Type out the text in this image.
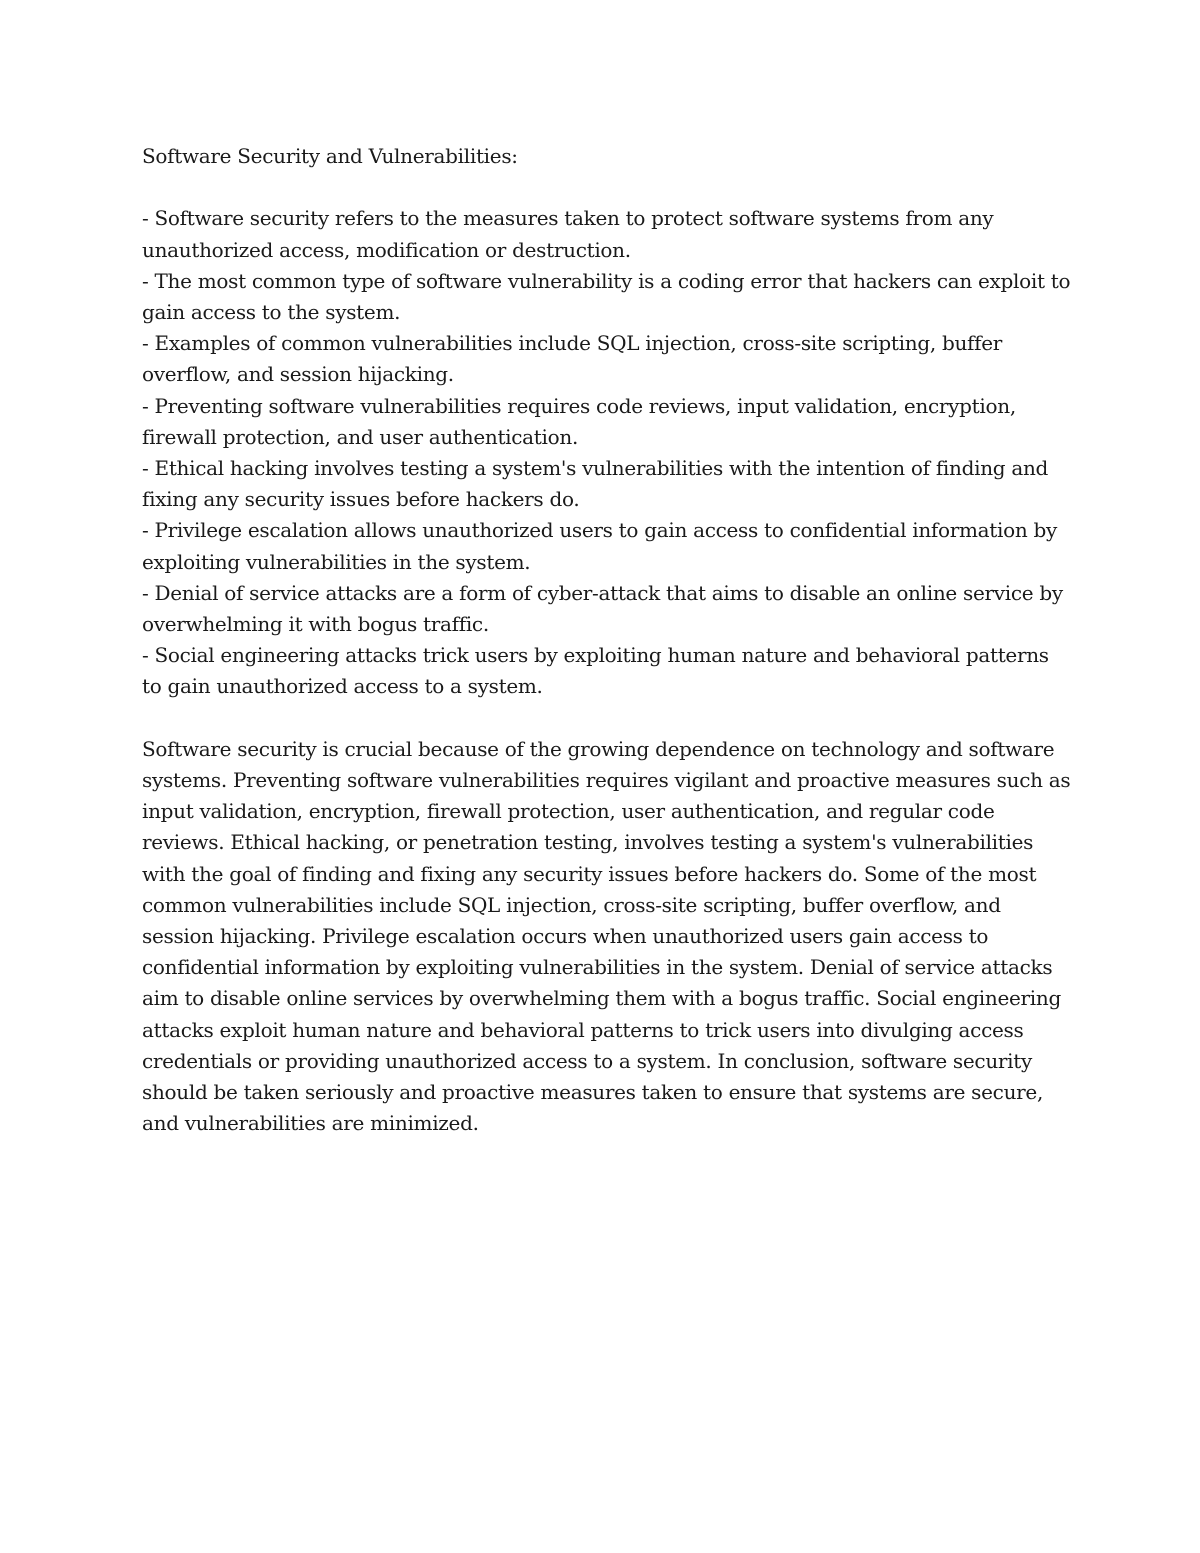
Software Security and Vulnerabilities:
- Software security refers to the measures taken to protect software systems from any unauthorized access, modification or destruction.
- The most common type of software vulnerability is a coding error that hackers can exploit to gain access to the system.
- Examples of common vulnerabilities include SQL injection, cross-site scripting, buffer overflow, and session hijacking.
- Preventing software vulnerabilities requires code reviews, input validation, encryption, firewall protection, and user authentication.
- Ethical hacking involves testing a system's vulnerabilities with the intention of finding and fixing any security issues before hackers do.
- Privilege escalation allows unauthorized users to gain access to confidential information by exploiting vulnerabilities in the system.
- Denial of service attacks are a form of cyber-attack that aims to disable an online service by overwhelming it with bogus traffic.
- Social engineering attacks trick users by exploiting human nature and behavioral patterns to gain unauthorized access to a system.

Software security is crucial because of the growing dependence on technology and software systems. Preventing software vulnerabilities requires vigilant and proactive measures such as input validation, encryption, firewall protection, user authentication, and regular code reviews. Ethical hacking, or penetration testing, involves testing a system's vulnerabilities with the goal of finding and fixing any security issues before hackers do. Some of the most common vulnerabilities include SQL injection, cross-site scripting, buffer overflow, and session hijacking. Privilege escalation occurs when unauthorized users gain access to confidential information by exploiting vulnerabilities in the system. Denial of service attacks aim to disable online services by overwhelming them with a bogus traffic. Social engineering attacks exploit human nature and behavioral patterns to trick users into divulging access credentials or providing unauthorized access to a system. In conclusion, software security should be taken seriously and proactive measures taken to ensure that systems are secure, and vulnerabilities are minimized.
